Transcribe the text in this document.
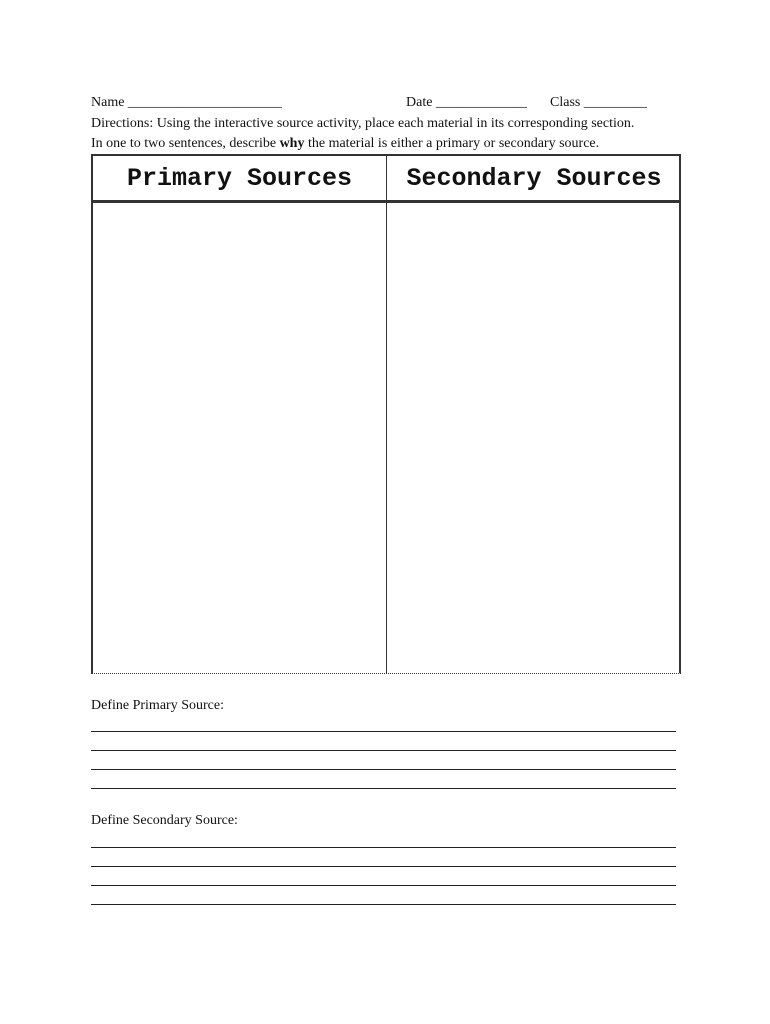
Name ______________________

	Date _____________

Class _________

Directions: Using the interactive source activity, place each material in its corresponding section.
In one to two sentences, describe why the material is either a primary or secondary source.
Primary Sources	Secondary Sources
Define Primary Source:
Define Secondary Source:
